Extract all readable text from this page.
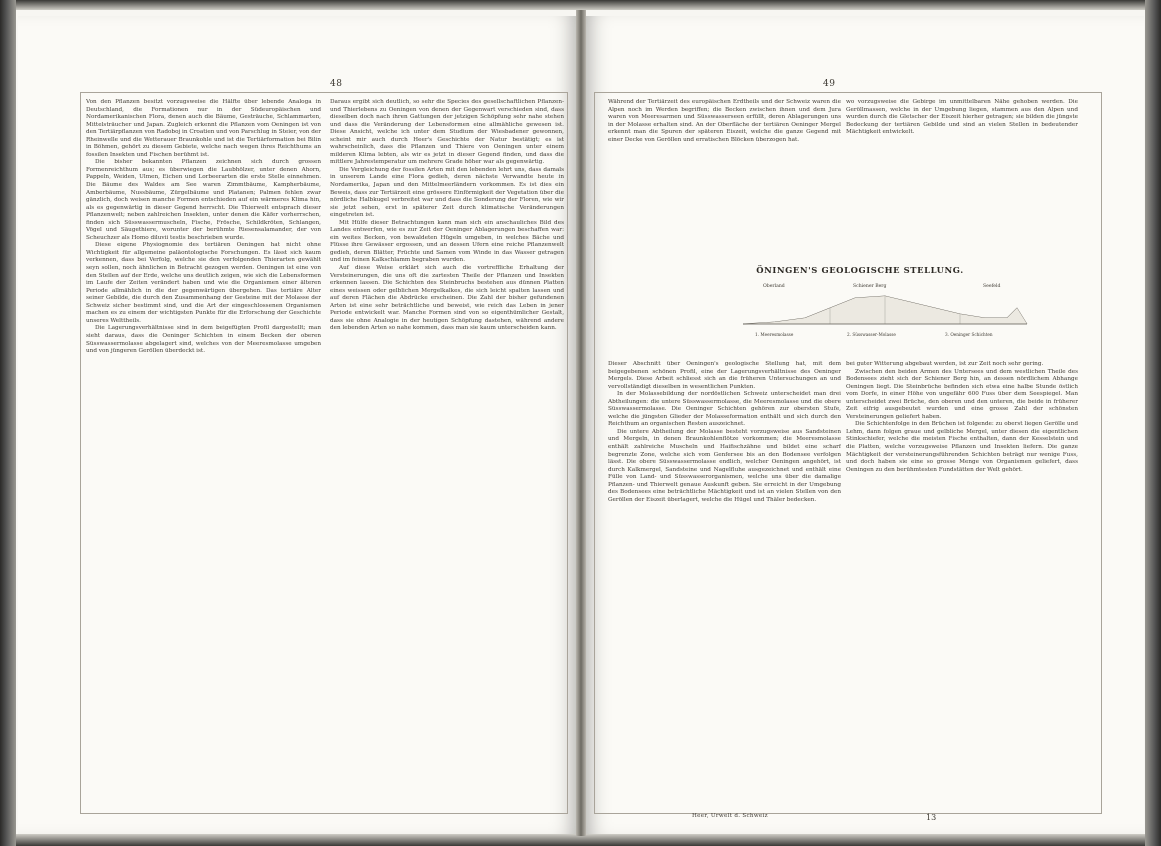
48	49

Von den Pflanzen besitzt vorzugsweise die Hälfte über lebende Analoga in Deutschland, die Formationen nur in der Südeuropäischen und Nordamerikanischen Flora, denen auch die Bäume, Gesträuche, Schlammarten, Mittelsträucher und Japan. Zugleich erkennt die Pflanzen vom Oeningen ist von den Tertiärpflanzen von Radoboj in Croatien und von Parschlug in Steier, von der Rheinwelle und die Wetterauer Braunkohle und ist die Tertiärformation bei Bilin in Böhmen, gehört zu diesem Gebiete, welche nach wegen ihres Reichthums an fossilen Insekten und Fischen berühmt ist.

Die bisher bekannten Pflanzen zeichnen sich durch grossen Formenreichthum aus; es überwiegen die Laubhölzer, unter denen Ahorn, Pappeln, Weiden, Ulmen, Eichen und Lorbeerarten die erste Stelle einnehmen. Die Bäume des Waldes am See waren Zimmtbäume, Kampherbäume, Amberbäume, Nussbäume, Zürgelbäume und Platanen; Palmen fehlen zwar gänzlich, doch weisen manche Formen entschieden auf ein wärmeres Klima hin, als es gegenwärtig in dieser Gegend herrscht. Die Thierwelt entsprach dieser Pflanzenwelt; neben zahlreichen Insekten, unter denen die Käfer vorherrschen, finden sich Süsswassermuscheln, Fische, Frösche, Schildkröten, Schlangen, Vögel und Säugethiere, worunter der berühmte Riesensalamander, der von Scheuchzer als Homo diluvii testis beschrieben wurde.

Diese eigene Physiognomie des tertiären Oeningen hat nicht ohne Wichtigkeit für allgemeine paläontologische Forschungen. Es lässt sich kaum verkennen, dass bei Verfolg, welche sie den verfolgenden Thierarten gewählt seyn sollen, noch ähnlichen in Betracht gezogen werden. Oeningen ist eine von den Stellen auf der Erde, welche uns deutlich zeigen, wie sich die Lebensformen im Laufe der Zeiten verändert haben und wie die Organismen einer älteren Periode allmählich in die der gegenwärtigen übergehen. Das tertiäre Alter seiner Gebilde, die durch den Zusammenhang der Gesteine mit der Molasse der Schweiz sicher bestimmt sind, und die Art der eingeschlossenen Organismen machen es zu einem der wichtigsten Punkte für die Erforschung der Geschichte unseres Welttheils.

Die Lagerungsverhältnisse sind in dem beigefügten Profil dargestellt; man sieht daraus, dass die Oeninger Schichten in einem Becken der oberen Süsswassermolasse abgelagert sind, welches von der Meeresmolasse umgeben und von jüngeren Geröllen überdeckt ist.

Daraus ergibt sich deutlich, so sehr die Species des gesellschaftlichen Pflanzen- und Thierlebens zu Oeningen von denen der Gegenwart verschieden sind, dass dieselben doch nach ihren Gattungen der jetzigen Schöpfung sehr nahe stehen und dass die Veränderung der Lebensformen eine allmähliche gewesen ist. Diese Ansicht, welche ich unter dem Studium der Wiesbadener gewonnen, scheint mir auch durch Heer's Geschichte der Natur bestätigt; es ist wahrscheinlich, dass die Pflanzen und Thiere von Oeningen unter einem milderen Klima lebten, als wir es jetzt in dieser Gegend finden, und dass die mittlere Jahrestemperatur um mehrere Grade höher war als gegenwärtig.

Die Vergleichung der fossilen Arten mit den lebenden lehrt uns, dass damals in unserem Lande eine Flora gedieh, deren nächste Verwandte heute in Nordamerika, Japan und den Mittelmeerländern vorkommen. Es ist dies ein Beweis, dass zur Tertiärzeit eine grössere Einförmigkeit der Vegetation über die nördliche Halbkugel verbreitet war und dass die Sonderung der Floren, wie wir sie jetzt sehen, erst in späterer Zeit durch klimatische Veränderungen eingetreten ist.

Mit Hülfe dieser Betrachtungen kann man sich ein anschauliches Bild des Landes entwerfen, wie es zur Zeit der Oeninger Ablagerungen beschaffen war: ein weites Becken, von bewaldeten Hügeln umgeben, in welches Bäche und Flüsse ihre Gewässer ergossen, und an dessen Ufern eine reiche Pflanzenwelt gedieh, deren Blätter, Früchte und Samen vom Winde in das Wasser getragen und im feinen Kalkschlamm begraben wurden.

Auf diese Weise erklärt sich auch die vortreffliche Erhaltung der Versteinerungen, die uns oft die zartesten Theile der Pflanzen und Insekten erkennen lassen. Die Schichten des Steinbruchs bestehen aus dünnen Platten eines weissen oder gelblichen Mergelkalkes, die sich leicht spalten lassen und auf deren Flächen die Abdrücke erscheinen. Die Zahl der bisher gefundenen Arten ist eine sehr beträchtliche und beweist, wie reich das Leben in jener Periode entwickelt war. Manche Formen sind von so eigenthümlicher Gestalt, dass sie ohne Analogie in der heutigen Schöpfung dastehen, während andere den lebenden Arten so nahe kommen, dass man sie kaum unterscheiden kann.

Während der Tertiärzeit des europäischen Erdtheils und der Schweiz waren die Alpen noch im Werden begriffen; die Becken zwischen ihnen und dem Jura waren von Meeresarmen und Süsswasserseen erfüllt, deren Ablagerungen uns in der Molasse erhalten sind. An der Oberfläche der tertiären Oeninger Mergel erkennt man die Spuren der späteren Eiszeit, welche die ganze Gegend mit einer Decke von Geröllen und erratischen Blöcken überzogen hat.

wo vorzugsweise die Gebirge im unmittelbaren Nähe gehoben werden. Die Geröllmassen, welche in der Umgebung liegen, stammen aus den Alpen und wurden durch die Gletscher der Eiszeit hierher getragen; sie bilden die jüngste Bedeckung der tertiären Gebilde und sind an vielen Stellen in bedeutender Mächtigkeit entwickelt.

ÖNINGEN'S GEOLOGISCHE STELLUNG.
Oberland	Schiener Berg	Seefeld
1. Meeresmolasse	2. Süsswasser-Molasse	3. Oeninger Schichten

Dieser Abschnitt über Oeningen's geologische Stellung hat, mit dem beigegebenen schönen Profil, eine der Lagerungsverhältnisse des Oeninger Mergels. Diese Arbeit schliesst sich an die früheren Untersuchungen an und vervollständigt dieselben in wesentlichen Punkten.

In der Molassebildung der nordöstlichen Schweiz unterscheidet man drei Abtheilungen: die untere Süsswassermolasse, die Meeresmolasse und die obere Süsswassermolasse. Die Oeninger Schichten gehören zur obersten Stufe, welche die jüngsten Glieder der Molasseformation enthält und sich durch den Reichthum an organischen Resten auszeichnet.

Die untere Abtheilung der Molasse besteht vorzugsweise aus Sandsteinen und Mergeln, in denen Braunkohlenflötze vorkommen; die Meeresmolasse enthält zahlreiche Muscheln und Haifischzähne und bildet eine scharf begrenzte Zone, welche sich vom Genfersee bis an den Bodensee verfolgen lässt. Die obere Süsswassermolasse endlich, welcher Oeningen angehört, ist durch Kalkmergel, Sandsteine und Nagelfluhe ausgezeichnet und enthält eine Fülle von Land- und Süsswasserorganismen, welche uns über die damalige Pflanzen- und Thierwelt genaue Auskunft geben. Sie erreicht in der Umgebung des Bodensees eine beträchtliche Mächtigkeit und ist an vielen Stellen von den Geröllen der Eiszeit überlagert, welche die Hügel und Thäler bedecken.

bei guter Witterung abgebaut werden, ist zur Zeit noch sehr gering.

Zwischen den beiden Armen des Untersees und dem westlichen Theile des Bodensees zieht sich der Schiener Berg hin, an dessen nördlichem Abhange Oeningen liegt. Die Steinbrüche befinden sich etwa eine halbe Stunde östlich vom Dorfe, in einer Höhe von ungefähr 600 Fuss über dem Seespiegel. Man unterscheidet zwei Brüche, den oberen und den unteren, die beide in früherer Zeit eifrig ausgebeutet wurden und eine grosse Zahl der schönsten Versteinerungen geliefert haben.

Die Schichtenfolge in den Brüchen ist folgende: zu oberst liegen Gerölle und Lehm, dann folgen graue und gelbliche Mergel, unter diesen die eigentlichen Stinkschiefer, welche die meisten Fische enthalten, dann der Kesselstein und die Platten, welche vorzugsweise Pflanzen und Insekten liefern. Die ganze Mächtigkeit der versteinerungsführenden Schichten beträgt nur wenige Fuss, und doch haben sie eine so grosse Menge von Organismen geliefert, dass Oeningen zu den berühmtesten Fundstätten der Welt gehört.

Heer, Urwelt d. Schweiz	13
